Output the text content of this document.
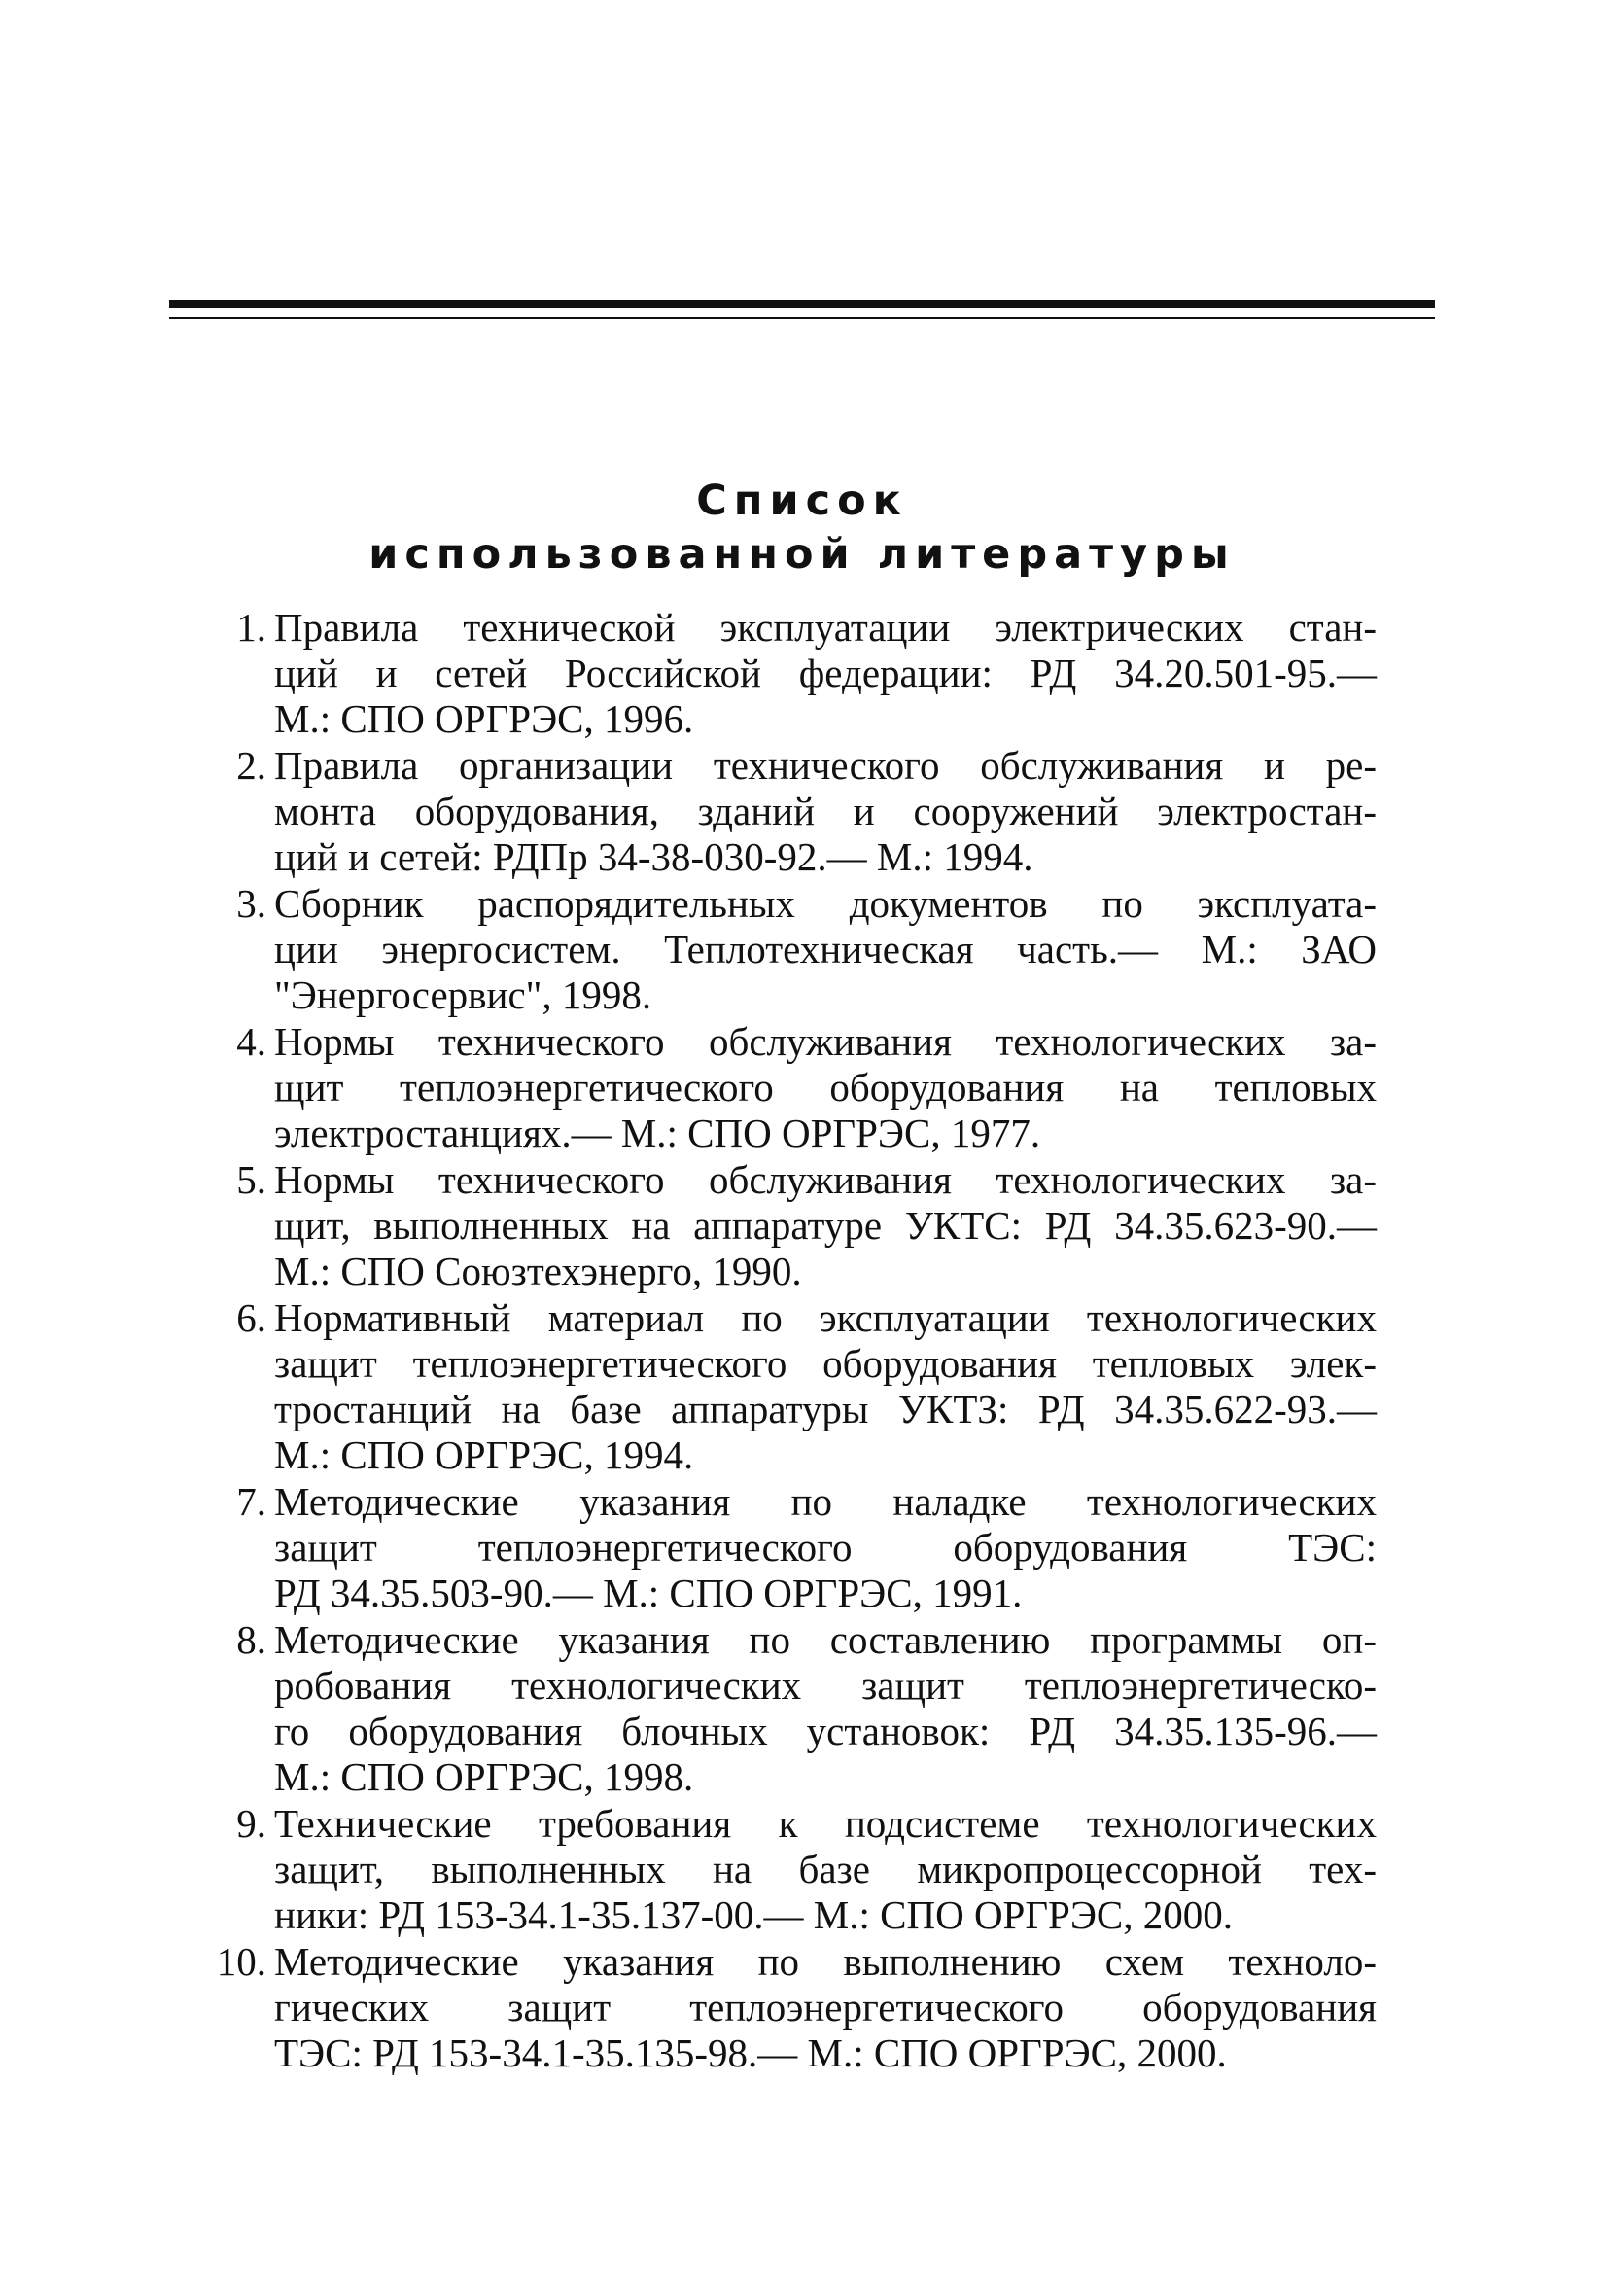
Список
использованной литературы
1. Правила технической эксплуатации электрических стан-
ций и сетей Российской федерации: РД 34.20.501-95.—
М.: СПО ОРГРЭС, 1996.
2. Правила организации технического обслуживания и ре-
монта оборудования, зданий и сооружений электростан-
ций и сетей: РДПр 34-38-030-92.— М.: 1994.
3. Сборник распорядительных документов по эксплуата-
ции энергосистем. Теплотехническая часть.— М.: ЗАО
"Энергосервис", 1998.
4. Нормы технического обслуживания технологических за-
щит теплоэнергетического оборудования на тепловых
электростанциях.— М.: СПО ОРГРЭС, 1977.
5. Нормы технического обслуживания технологических за-
щит, выполненных на аппаратуре УКТС: РД 34.35.623-90.—
М.: СПО Союзтехэнерго, 1990.
6. Нормативный материал по эксплуатации технологических
защит теплоэнергетического оборудования тепловых элек-
тростанций на базе аппаратуры УКТЗ: РД 34.35.622-93.—
М.: СПО ОРГРЭС, 1994.
7. Методические указания по наладке технологических
защит теплоэнергетического оборудования ТЭС:
РД 34.35.503-90.— М.: СПО ОРГРЭС, 1991.
8. Методические указания по составлению программы оп-
робования технологических защит теплоэнергетическо-
го оборудования блочных установок: РД 34.35.135-96.—
М.: СПО ОРГРЭС, 1998.
9. Технические требования к подсистеме технологических
защит, выполненных на базе микропроцессорной тех-
ники: РД 153-34.1-35.137-00.— М.: СПО ОРГРЭС, 2000.
10. Методические указания по выполнению схем техноло-
гических защит теплоэнергетического оборудования
ТЭС: РД 153-34.1-35.135-98.— М.: СПО ОРГРЭС, 2000.
